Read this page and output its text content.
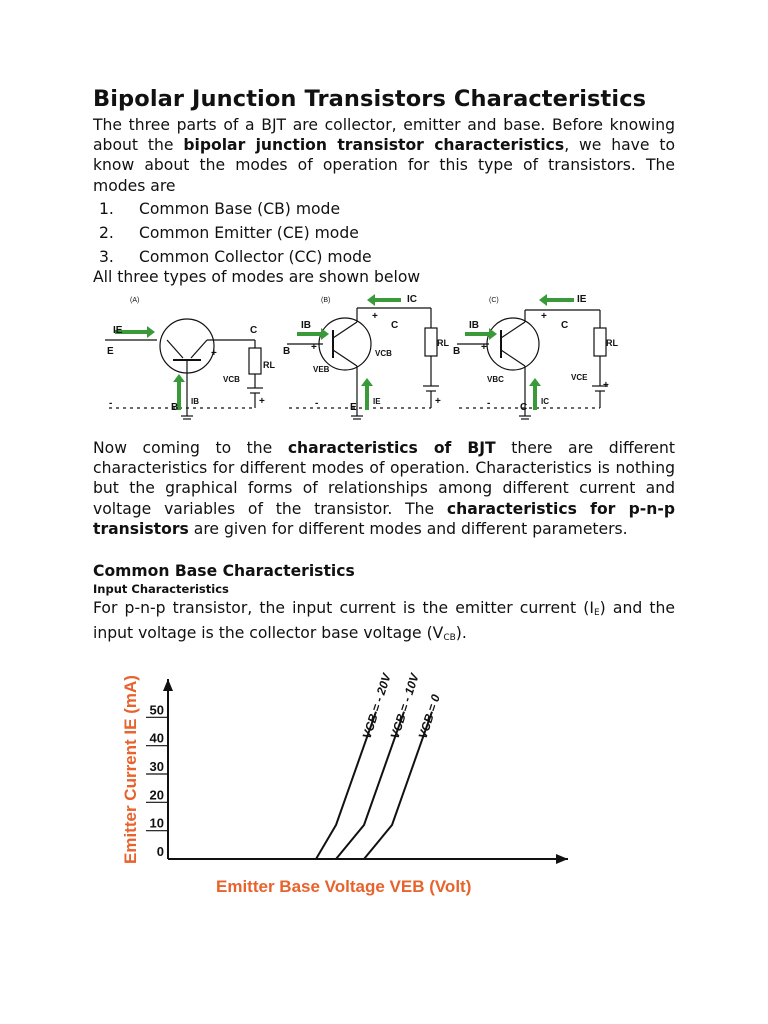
Bipolar Junction Transistors Characteristics

The three parts of a BJT are collector, emitter and base. Before knowing about the bipolar junction transistor characteristics, we have to know about the modes of operation for this type of transistors. The modes are

1. Common Base (CB) mode
2. Common Emitter (CE) mode
3. Common Collector (CC) mode
All three types of modes are shown below
(A)
IE
E
C
+
RL
VCB
IB
B
-	+
(B)
IB
B +
IC
+
C
RL
VCB
VEB
E
IE
-	+
(C)
IB
B +
IE
+
C
RL
VBC	VCE
+
C
IC
-

Now coming to the characteristics of BJT there are different characteristics for different modes of operation. Characteristics is nothing but the graphical forms of relationships among different current and voltage variables of the transistor. The characteristics for p-n-p transistors are given for different modes and different parameters.

Common Base Characteristics
Input Characteristics

For p-n-p transistor, the input current is the emitter current $(I_E)$ and the input voltage is the collector base voltage $(V_{CB})$.

0
10
20
30
40
50	VCB = - 20V
VCB = - 10V
VCB = 0
Emitter Base Voltage VEB (Volt)
Emitter Current IE (mA)
